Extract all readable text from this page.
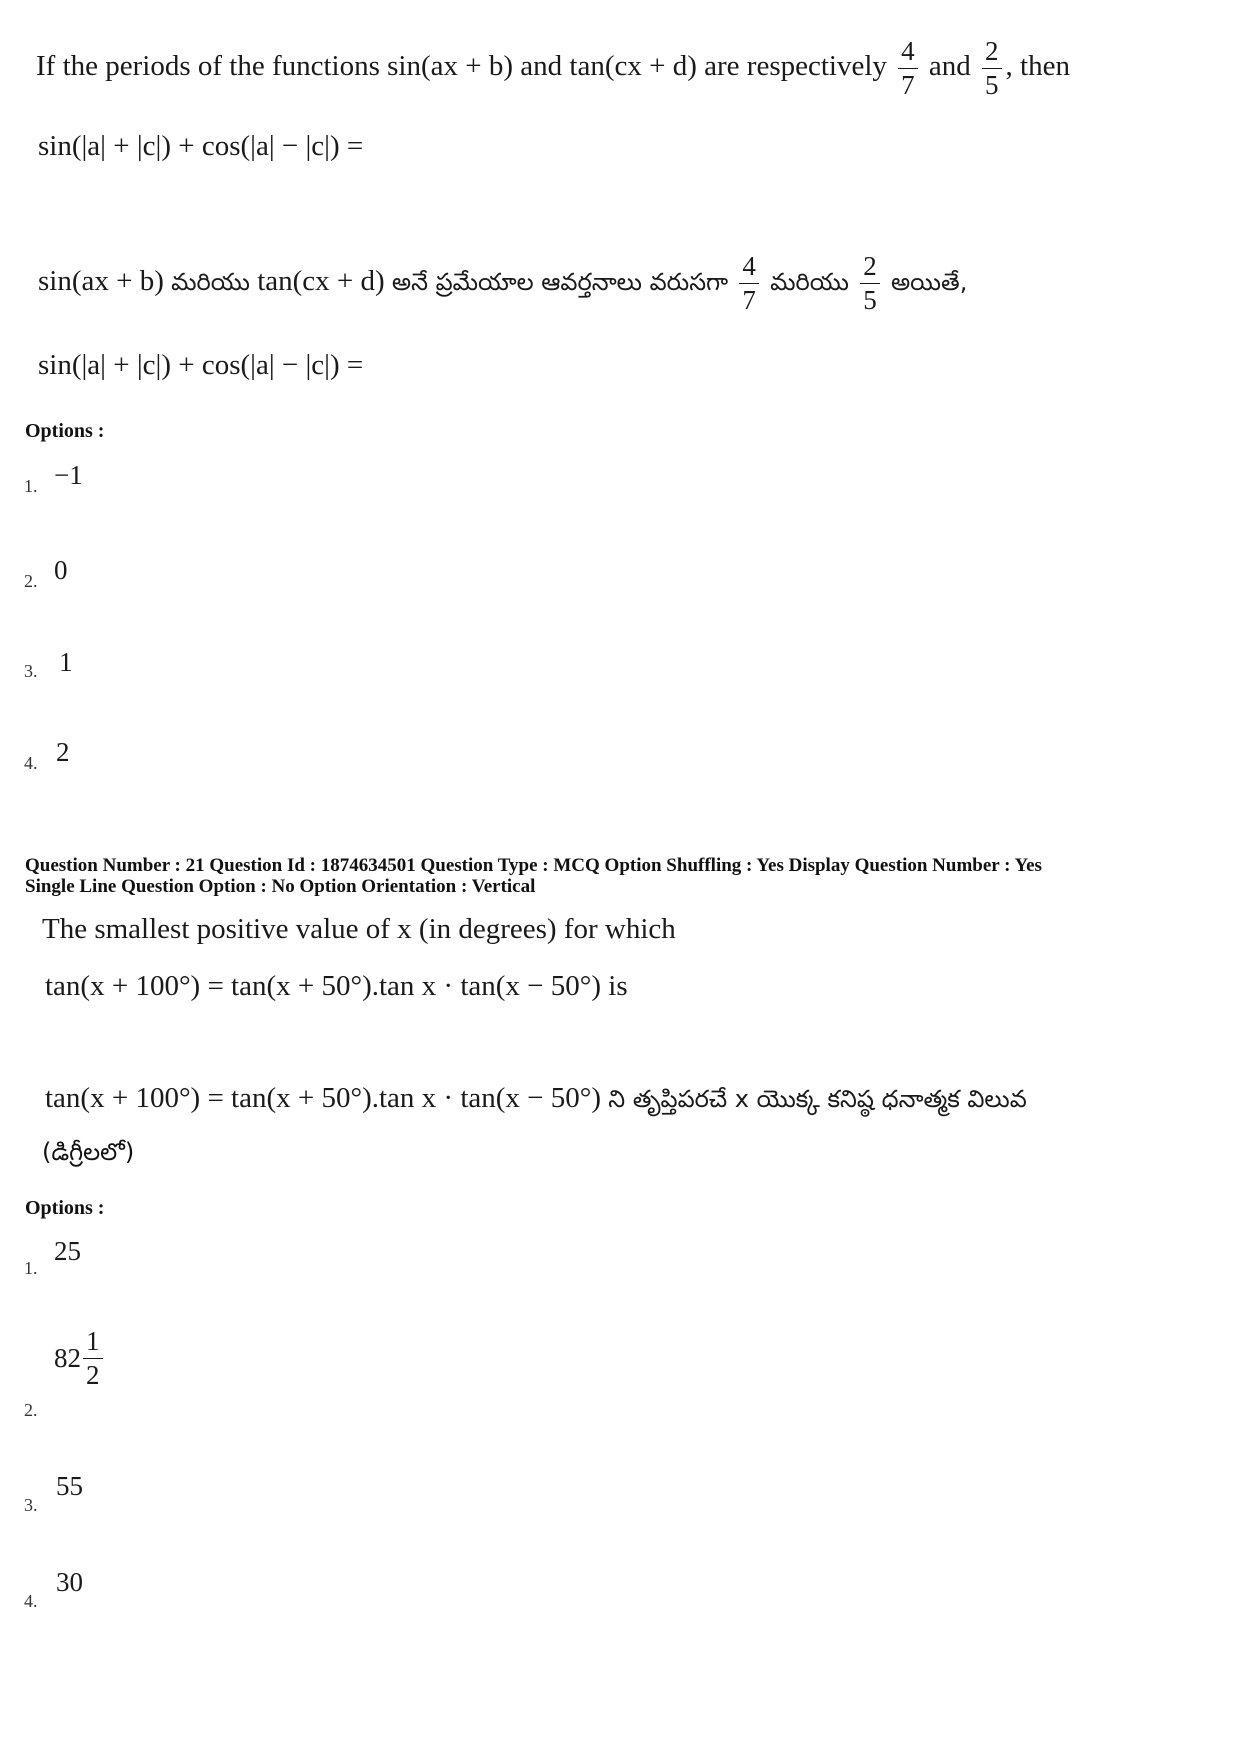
If the periods of the functions sin(ax + b) and tan(cx + d) are respectively $\frac{4}{7}$ and $\frac{2}{5}$ , then
sin(|a| + |c|) + cos(|a| − |c|) =
sin(ax + b) మరియు tan(cx + d) అనే ప్రమేయాల ఆవర్తనాలు వరుసగా $\frac{4}{7}$ మరియు $\frac{2}{5}$ అయితే,
sin(|a| + |c|) + cos(|a| − |c|) =
Options :
−1
1.
0
2.
1
3.
2
4.
Question Number : 21 Question Id : 1874634501 Question Type : MCQ Option Shuffling : Yes Display Question Number : Yes
Single Line Question Option : No Option Orientation : Vertical
The smallest positive value of x (in degrees) for which
tan(x + 100°) = tan(x + 50°).tan x · tan(x − 50°) is
tan(x + 100°) = tan(x + 50°).tan x · tan(x − 50°) ని తృప్తిపరచే x యొక్క కనిష్ఠ ధనాత్మక విలువ
(డిగ్రీలలో)
Options :
25
1.
$82 \frac{1}{2}$
2.
55
3.
30
4.
